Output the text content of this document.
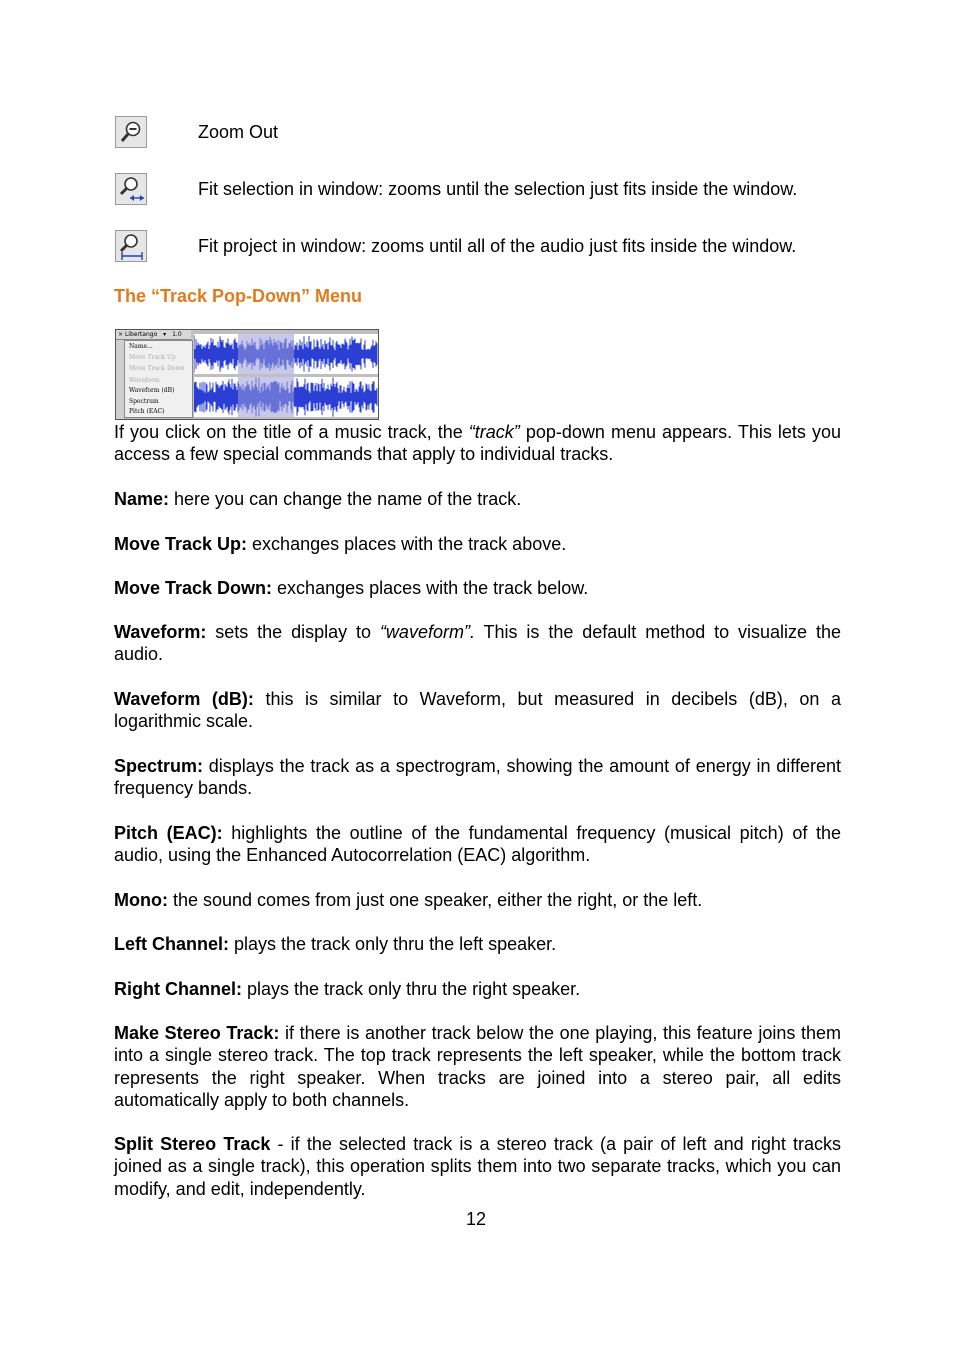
Zoom Out
Fit selection in window: zooms until the selection just fits inside the window.
Fit project in window: zooms until all of the audio just fits inside the window.
The “Track Pop-Down” Menu
× Libertango ▾ 1.0
Name...
Move Track Up
Move Track Down
Waveform
Waveform (dB)
Spectrum
Pitch (EAC)
If you click on the title of a music track, the “track” pop-down menu appears. This lets you access a few special commands that apply to individual tracks.
Name: here you can change the name of the track.
Move Track Up: exchanges places with the track above.
Move Track Down: exchanges places with the track below.
Waveform: sets the display to “waveform”. This is the default method to visualize the audio.
Waveform (dB): this is similar to Waveform, but measured in decibels (dB), on a logarithmic scale.
Spectrum: displays the track as a spectrogram, showing the amount of energy in different frequency bands.
Pitch (EAC): highlights the outline of the fundamental frequency (musical pitch) of the audio, using the Enhanced Autocorrelation (EAC) algorithm.
Mono: the sound comes from just one speaker, either the right, or the left.
Left Channel: plays the track only thru the left speaker.
Right Channel: plays the track only thru the right speaker.
Make Stereo Track: if there is another track below the one playing, this feature joins them into a single stereo track. The top track represents the left speaker, while the bottom track represents the right speaker. When tracks are joined into a stereo pair, all edits automatically apply to both channels.
Split Stereo Track - if the selected track is a stereo track (a pair of left and right tracks joined as a single track), this operation splits them into two separate tracks, which you can modify, and edit, independently.
12
